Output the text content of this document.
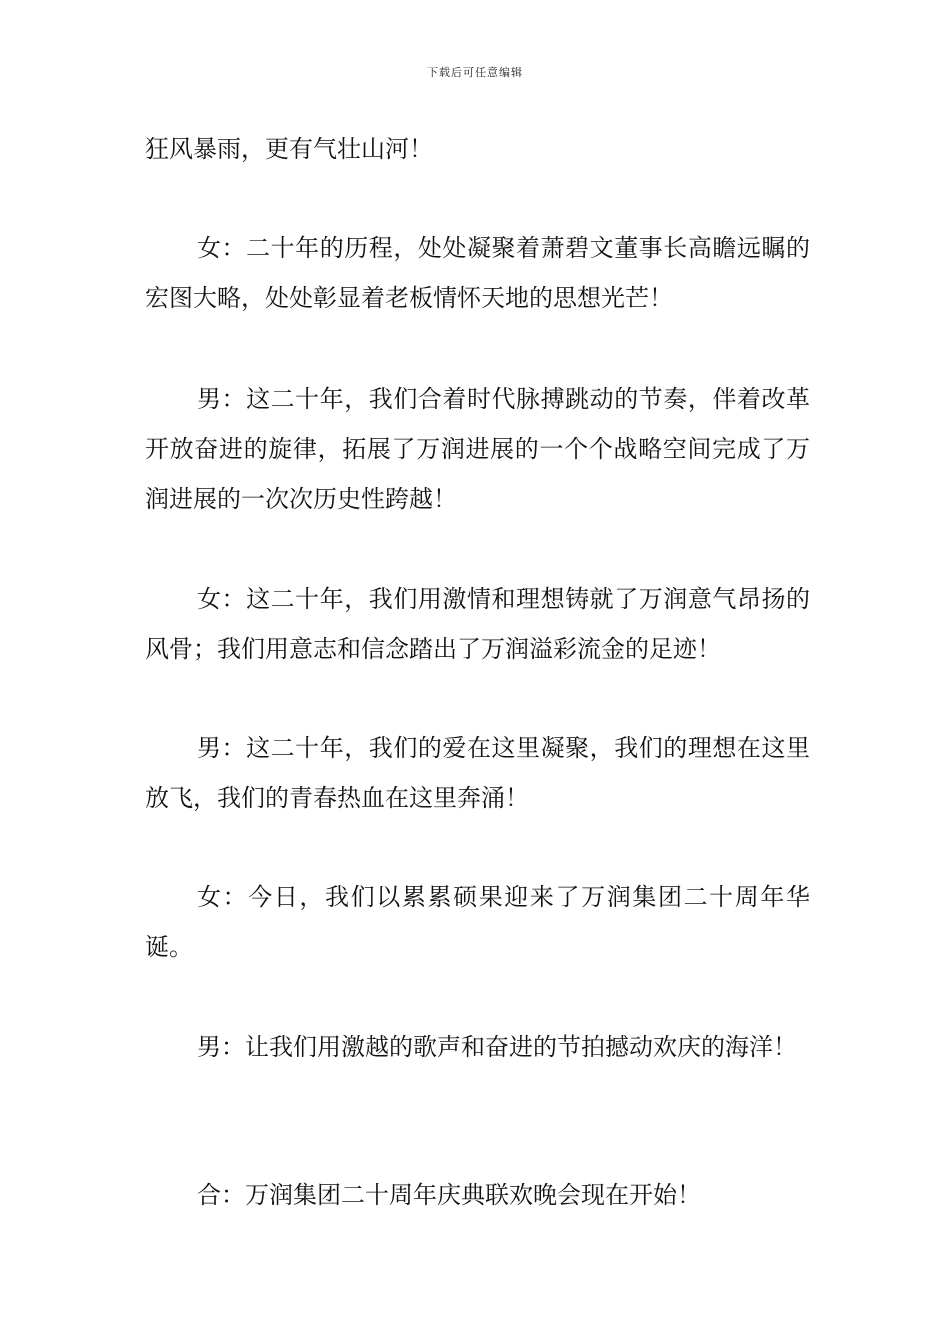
下载后可任意编辑

狂风暴雨，更有气壮山河！

女：二十年的历程，处处凝聚着萧碧文董事长高瞻远瞩的宏图大略，处处彰显着老板情怀天地的思想光芒！

男：这二十年，我们合着时代脉搏跳动的节奏，伴着改革开放奋进的旋律，拓展了万润进展的一个个战略空间完成了万润进展的一次次历史性跨越！

女：这二十年，我们用激情和理想铸就了万润意气昂扬的风骨；我们用意志和信念踏出了万润溢彩流金的足迹！

男：这二十年，我们的爱在这里凝聚，我们的理想在这里放飞，我们的青春热血在这里奔涌！

女：今日，我们以累累硕果迎来了万润集团二十周年华诞。

男：让我们用激越的歌声和奋进的节拍撼动欢庆的海洋！

合：万润集团二十周年庆典联欢晚会现在开始！
